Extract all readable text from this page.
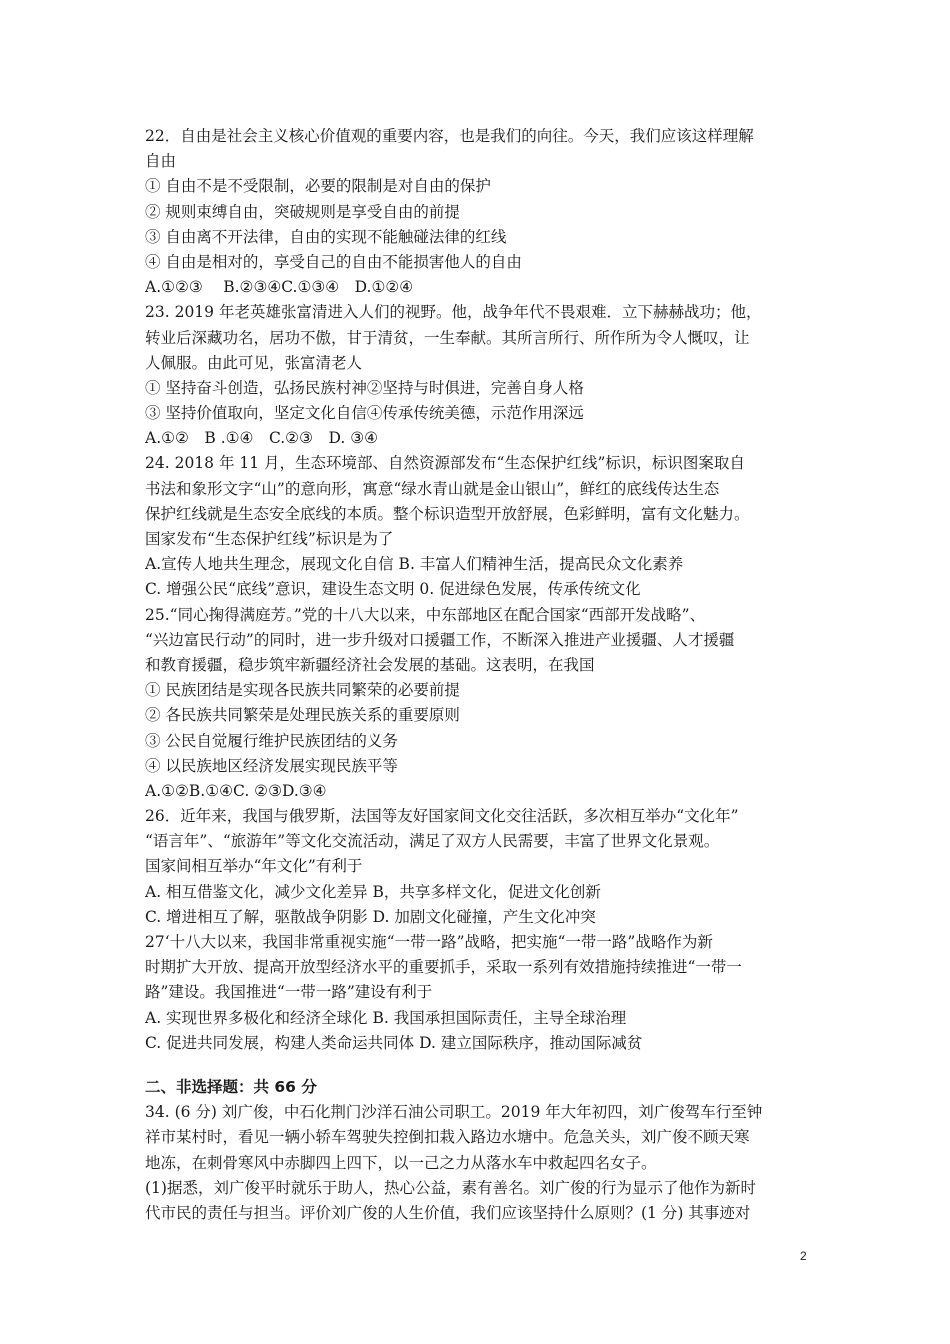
22．自由是社会主义核心价值观的重要内容，也是我们的向往。今天，我们应该这样理解
自由
① 自由不是不受限制，必要的限制是对自由的保护
② 规则束缚自由，突破规则是享受自由的前提
③ 自由离不开法律，自由的实现不能触碰法律的红线
④ 自由是相对的，享受自己的自由不能损害他人的自由
A.①②③　 B.②③④C.①③④　D.①②④
23. 2019 年老英雄张富清进入人们的视野。他，战争年代不畏艰难．立下赫赫战功；他，
转业后深藏功名，居功不傲，甘于清贫，一生奉献。其所言所行、所作所为令人慨叹，让
人佩服。由此可见，张富清老人
① 坚持奋斗创造，弘扬民族村神②坚持与时俱进，完善自身人格
③ 坚持价值取向，坚定文化自信④传承传统美德，示范作用深远
A.①②　B .①④　C.②③　D. ③④
24. 2018 年 11 月，生态环境部、自然资源部发布“生态保护红线”标识，标识图案取自
书法和象形文字“山”的意向形，寓意“绿水青山就是金山银山”，鲜红的底线传达生态
保护红线就是生态安全底线的本质。整个标识造型开放舒展，色彩鲜明，富有文化魅力。
国家发布“生态保护红线”标识是为了
A.宣传人地共生理念，展现文化自信 B. 丰富人们精神生活，提高民众文化素养
C. 增强公民“底线”意识，建设生态文明 0. 促进绿色发展，传承传统文化
25.“同心掬得满庭芳。”党的十八大以来，中东部地区在配合国家“西部开发战略”、
“兴边富民行动”的同时，进一步升级对口援疆工作，不断深入推进产业援疆、人才援疆
和教育援疆，稳步筑牢新疆经济社会发展的基础。这表明，在我国
① 民族团结是实现各民族共同繁荣的必要前提
② 各民族共同繁荣是处理民族关系的重要原则
③ 公民自觉履行维护民族团结的义务
④ 以民族地区经济发展实现民族平等
A.①②B.①④C. ②③D.③④
26．近年来，我国与俄罗斯，法国等友好国家间文化交往活跃，多次相互举办“文化年”
“语言年”、“旅游年”等文化交流活动，满足了双方人民需要，丰富了世界文化景观。
国家间相互举办“年文化”有利于
A. 相互借鉴文化，减少文化差异 B，共享多样文化，促进文化创新
C. 增进相互了解，驱散战争阴影 D. 加剧文化碰撞，产生文化冲突
27‘十八大以来，我国非常重视实施“一带一路”战略，把实施“一带一路”战略作为新
时期扩大开放、提高开放型经济水平的重要抓手，采取一系列有效措施持续推进“一带一
路”建设。我国推进“一带一路”建设有利于
A. 实现世界多极化和经济全球化 B. 我国承担国际责任，主导全球治理
C. 促进共同发展，构建人类命运共同体 D. 建立国际秩序，推动国际减贫
二、非选择题：共 66 分
34. (6 分) 刘广俊，中石化荆门沙洋石油公司职工。2019 年大年初四，刘广俊驾车行至钟
祥市某村时，看见一辆小轿车驾驶失控倒扣栽入路边水塘中。危急关头，刘广俊不顾天寒
地冻，在刺骨寒风中赤脚四上四下，以一己之力从落水车中救起四名女子。
(1)据悉，刘广俊平时就乐于助人，热心公益，素有善名。刘广俊的行为显示了他作为新时
代市民的责任与担当。评价刘广俊的人生价值，我们应该坚持什么原则？(1 分) 其事迹对
2
